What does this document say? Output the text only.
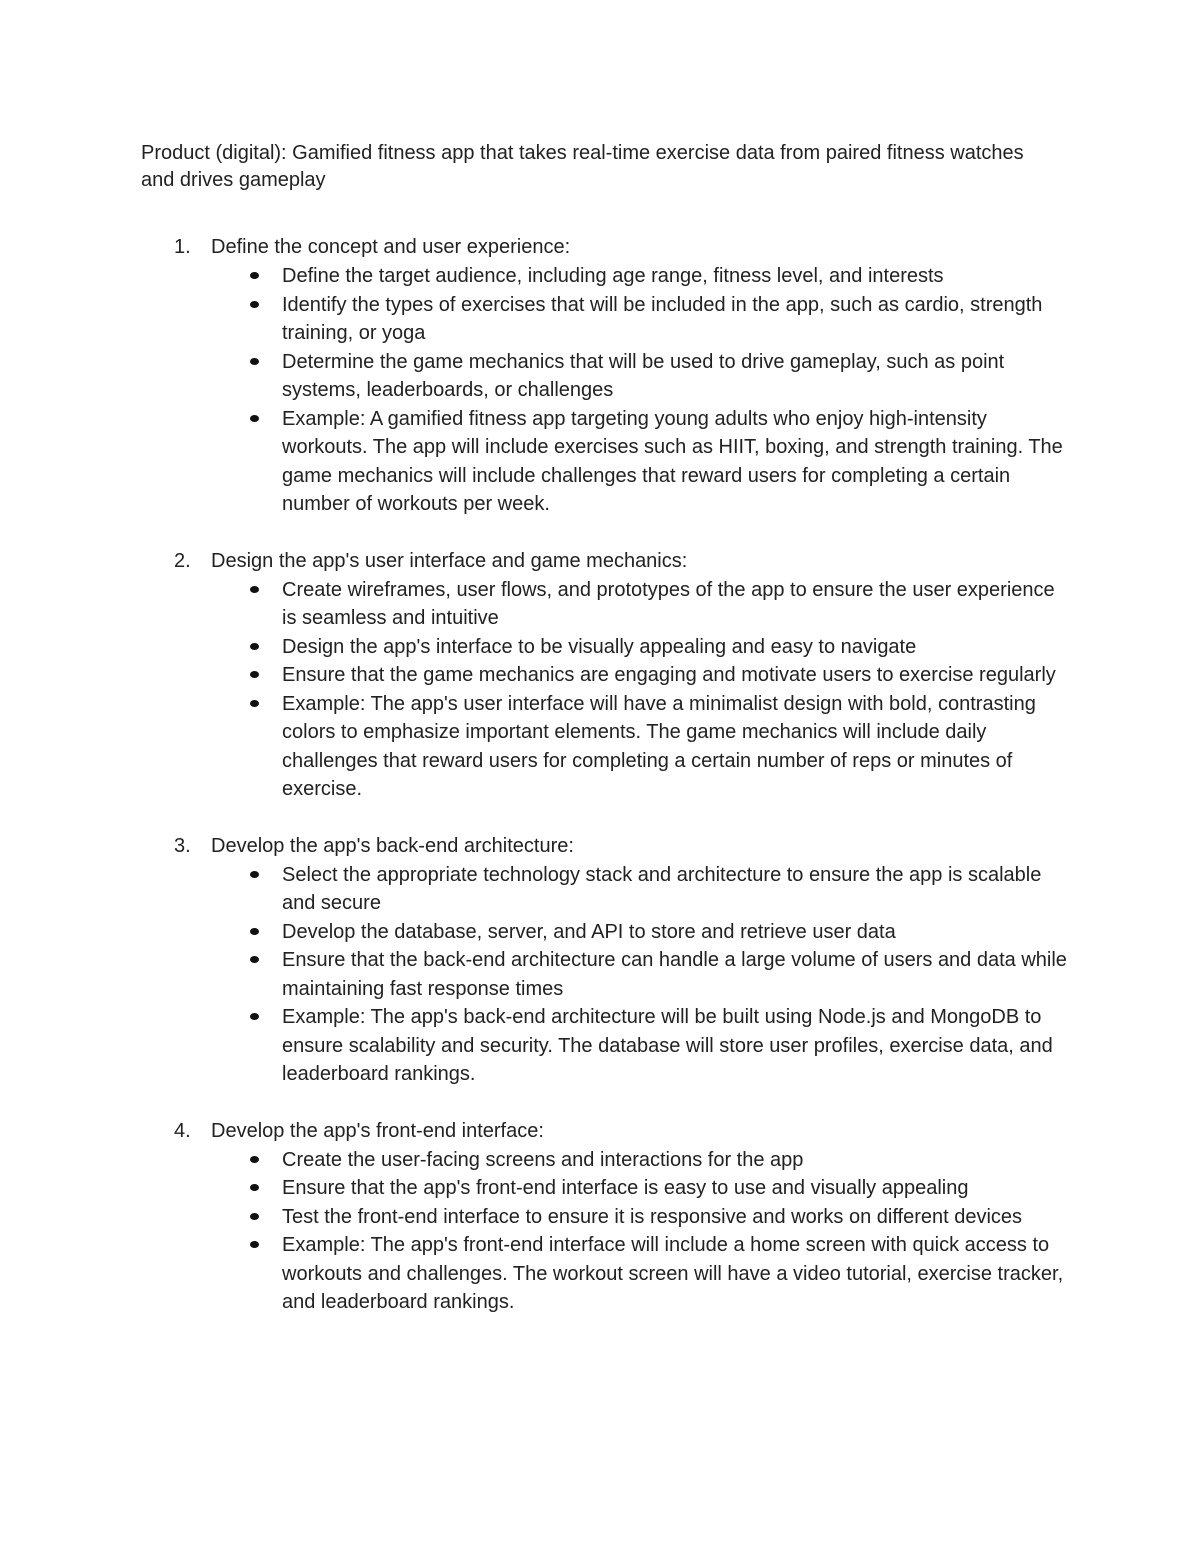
Product (digital): Gamified fitness app that takes real-time exercise data from paired fitness watches and drives gameplay

1. Define the concept and user experience:
Define the target audience, including age range, fitness level, and interests
Identify the types of exercises that will be included in the app, such as cardio, strength training, or yoga
Determine the game mechanics that will be used to drive gameplay, such as point systems, leaderboards, or challenges
Example: A gamified fitness app targeting young adults who enjoy high-intensity workouts. The app will include exercises such as HIIT, boxing, and strength training. The game mechanics will include challenges that reward users for completing a certain number of workouts per week.
2. Design the app's user interface and game mechanics:
Create wireframes, user flows, and prototypes of the app to ensure the user experience is seamless and intuitive
Design the app's interface to be visually appealing and easy to navigate
Ensure that the game mechanics are engaging and motivate users to exercise regularly
Example: The app's user interface will have a minimalist design with bold, contrasting colors to emphasize important elements. The game mechanics will include daily challenges that reward users for completing a certain number of reps or minutes of exercise.
3. Develop the app's back-end architecture:
Select the appropriate technology stack and architecture to ensure the app is scalable and secure
Develop the database, server, and API to store and retrieve user data
Ensure that the back-end architecture can handle a large volume of users and data while maintaining fast response times
Example: The app's back-end architecture will be built using Node.js and MongoDB to ensure scalability and security. The database will store user profiles, exercise data, and leaderboard rankings.
4. Develop the app's front-end interface:
Create the user-facing screens and interactions for the app
Ensure that the app's front-end interface is easy to use and visually appealing
Test the front-end interface to ensure it is responsive and works on different devices
Example: The app's front-end interface will include a home screen with quick access to workouts and challenges. The workout screen will have a video tutorial, exercise tracker, and leaderboard rankings.
